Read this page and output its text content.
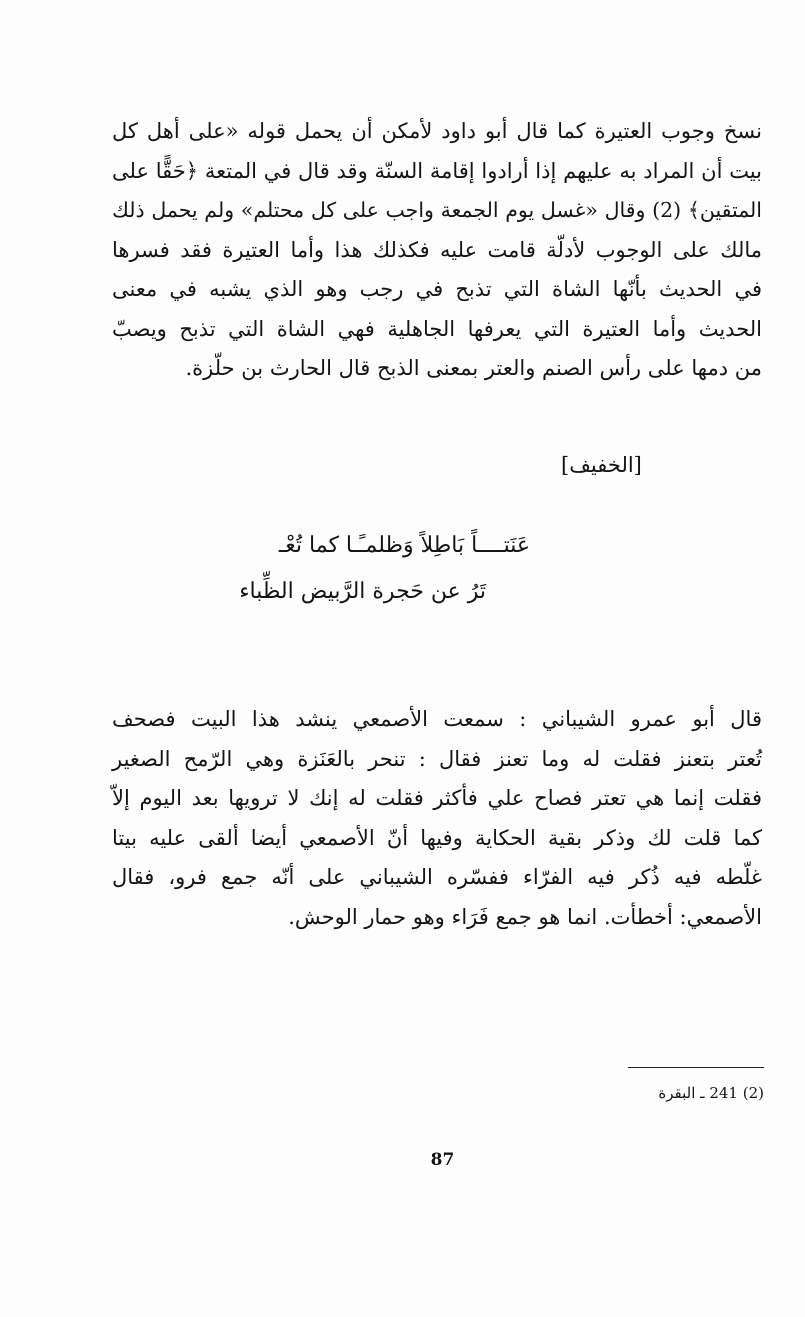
نسخ وجوب العتيرة كما قال أبو داود لأمكن أن يحمل قوله «على أهل كل
بيت أن المراد به عليهم إذا أرادوا إقامة السنّة وقد قال في المتعة ﴿حَقًّا على
المتقين﴾ (2) وقال «غسل يوم الجمعة واجب على كل محتلم» ولم يحمل ذلك
مالك على الوجوب لأدلّة قامت عليه فكذلك هذا وأما العتيرة فقد فسرها
في الحديث بأنّها الشاة التي تذبح في رجب وهو الذي يشبه في معنى
الحديث وأما العتيرة التي يعرفها الجاهلية فهي الشاة التي تذبح ويصبّ
من دمها على رأس الصنم والعتر بمعنى الذبح قال الحارث بن حلّزة.

[الخفيف]

عَنَتــــاً بَاطِلاً وَظلمـًـا كما تُعْـ

تَرُ عن حَجرة الرَّبيض الظِّباء

قال أبو عمرو الشيباني : سمعت الأصمعي ينشد هذا البيت فصحف
تُعتر بتعنز فقلت له وما تعنز فقال : تنحر بالعَنَزة وهي الرّمح الصغير
فقلت إنما هي تعتر فصاح علي فأكثر فقلت له إنك لا ترويها بعد اليوم إلاّ
كما قلت لك وذكر بقية الحكاية وفيها أنّ الأصمعي أيضا ألقى عليه بيتا
غلّطه فيه ذُكر فيه الفرّاء ففسّره الشيباني على أنّه جمع فرو، فقال
الأصمعي: أخطأت. انما هو جمع فَرَاء وهو حمار الوحش.

(2) 241 ـ البقرة

87
